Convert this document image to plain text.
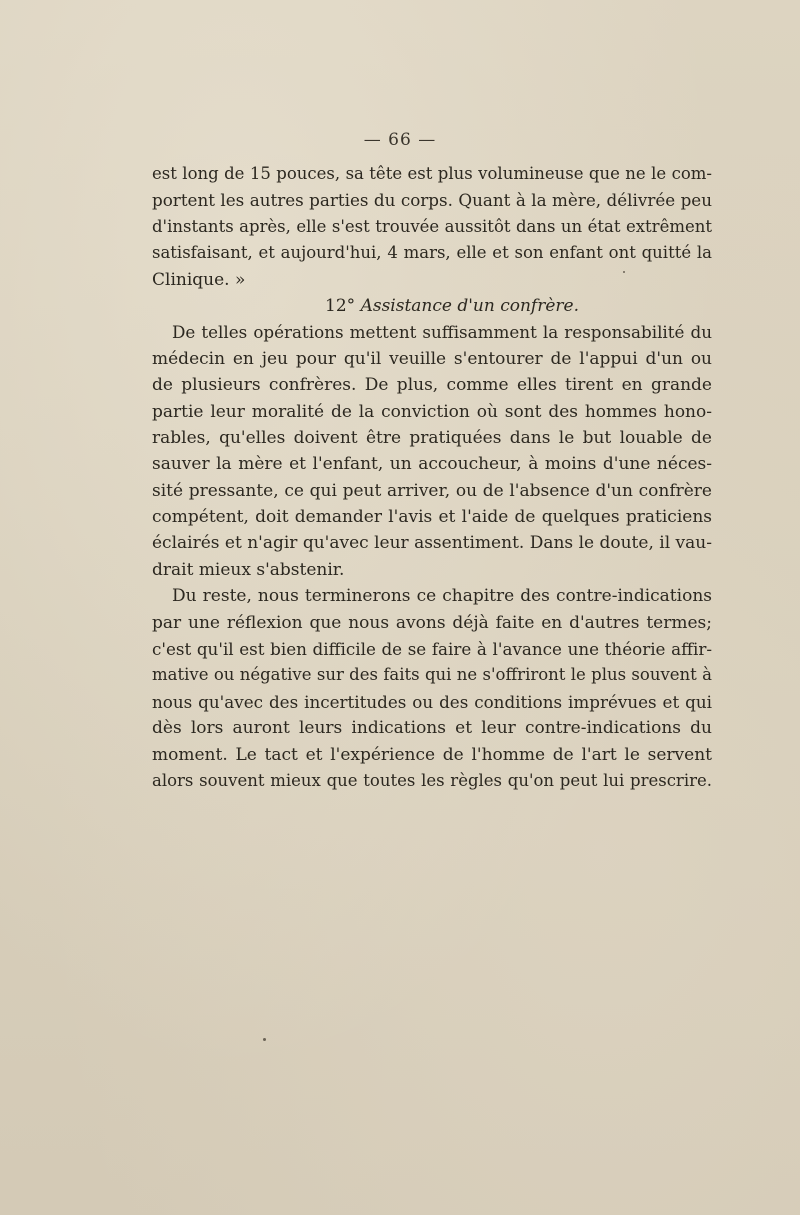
— 66 —
est long de 15 pouces, sa tête est plus volumineuse que ne le com-
portent les autres parties du corps. Quant à la mère, délivrée peu
d'instants après, elle s'est trouvée aussitôt dans un état extrêment
satisfaisant, et aujourd'hui, 4 mars, elle et son enfant ont quitté la
Clinique. »
12° Assistance d'un confrère.
De telles opérations mettent suffisamment la responsabilité du
médecin en jeu pour qu'il veuille s'entourer de l'appui d'un ou
de plusieurs confrères. De plus, comme elles tirent en grande
partie leur moralité de la conviction où sont des hommes hono-
rables, qu'elles doivent être pratiquées dans le but louable de
sauver la mère et l'enfant, un accoucheur, à moins d'une néces-
sité pressante, ce qui peut arriver, ou de l'absence d'un confrère
compétent, doit demander l'avis et l'aide de quelques praticiens
éclairés et n'agir qu'avec leur assentiment. Dans le doute, il vau-
drait mieux s'abstenir.
Du reste, nous terminerons ce chapitre des contre-indications
par une réflexion que nous avons déjà faite en d'autres termes;
c'est qu'il est bien difficile de se faire à l'avance une théorie affir-
mative ou négative sur des faits qui ne s'offriront le plus souvent à
nous qu'avec des incertitudes ou des conditions imprévues et qui
dès lors auront leurs indications et leur contre-indications du
moment. Le tact et l'expérience de l'homme de l'art le servent
alors souvent mieux que toutes les règles qu'on peut lui prescrire.
